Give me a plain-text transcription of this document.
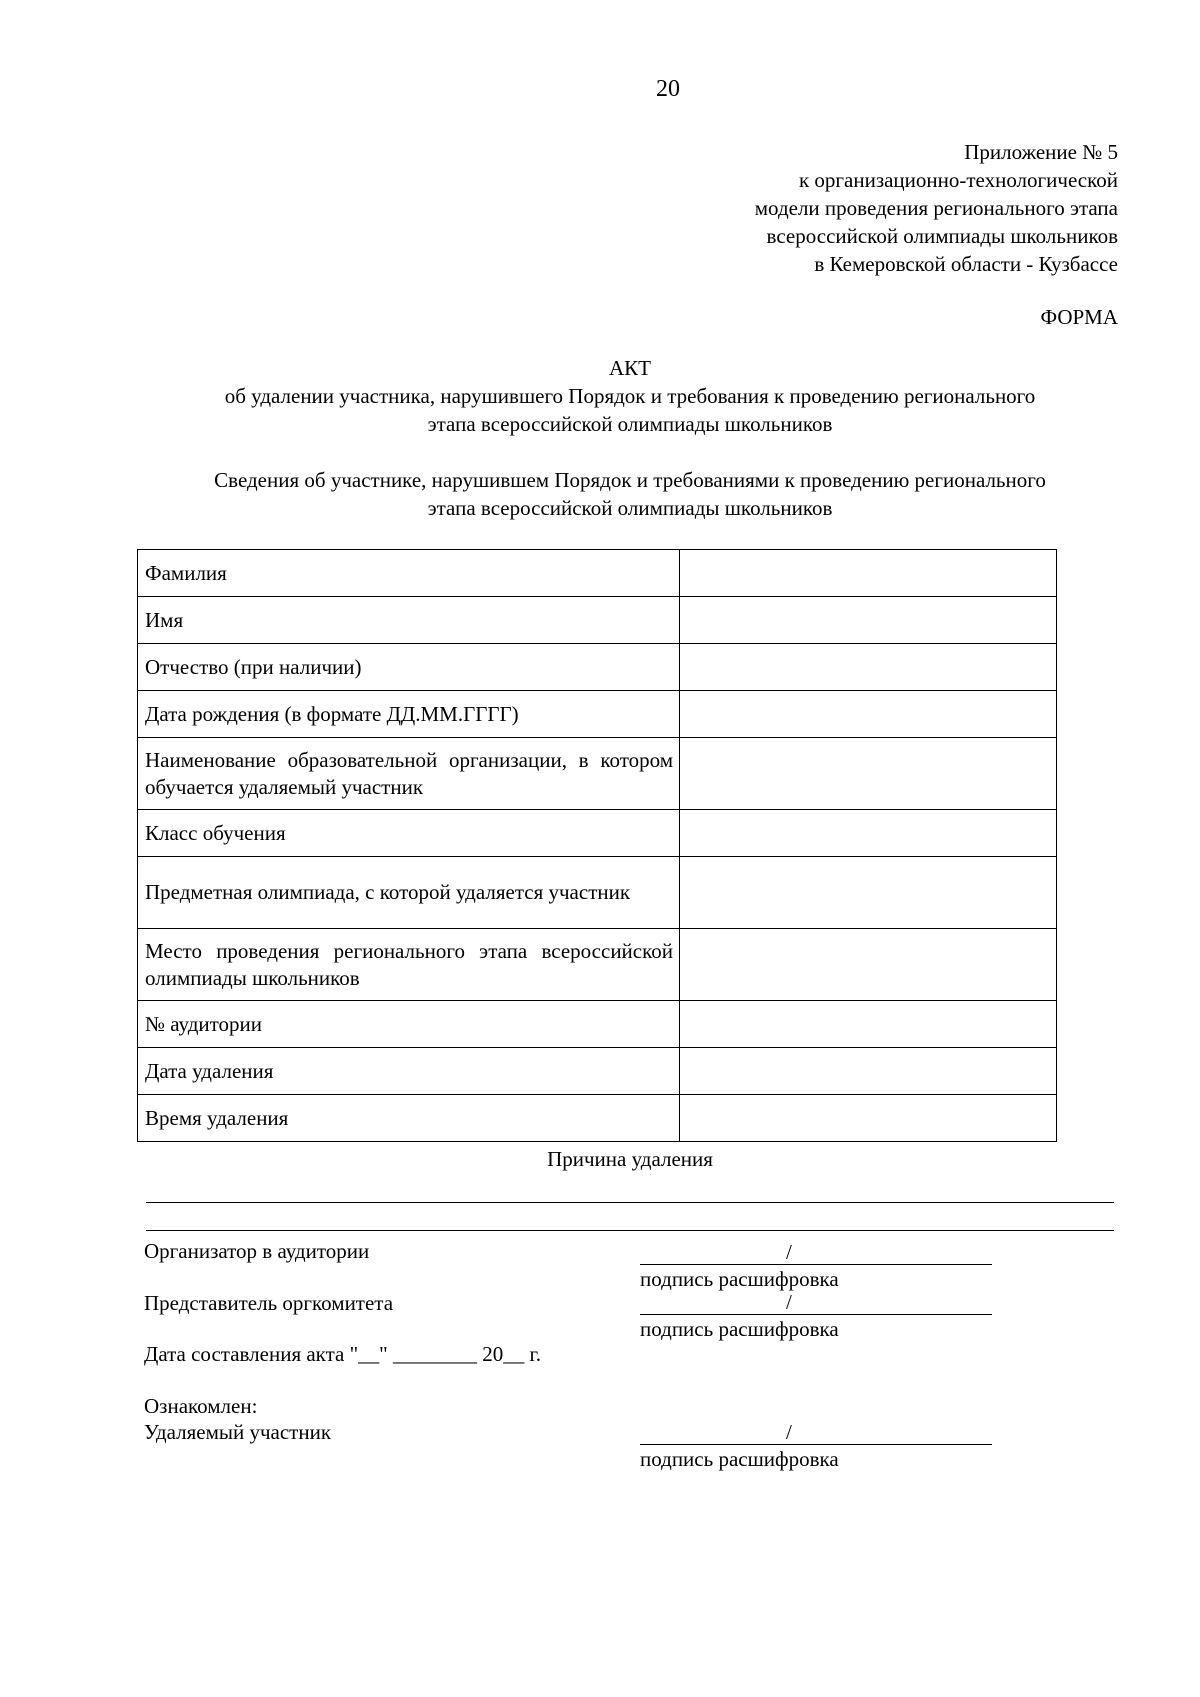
20
Приложение № 5
к организационно-технологической
модели проведения регионального этапа
всероссийской олимпиады школьников
в Кемеровской области - Кузбассе
ФОРМА
АКТ
об удалении участника, нарушившего Порядок и требования к проведению регионального
этапа всероссийской олимпиады школьников
Сведения об участнике, нарушившем Порядок и требованиями к проведению регионального
этапа всероссийской олимпиады школьников
Фамилия	

Имя	

Отчество (при наличии)	

Дата рождения (в формате ДД.ММ.ГГГГ)	

Наименование образовательной организации, в котором обучается удаляемый участник	

Класс обучения	

Предметная олимпиада, с которой удаляется участник	

Место проведения регионального этапа всероссийской олимпиады школьников	

№ аудитории	

Дата удаления	

Время удаления	

Причина удаления
Организатор в аудитории	/
подпись расшифровка
Представитель оргкомитета	/
подпись расшифровка
Дата составления акта "__" ________ 20__ г.
Ознакомлен:
Удаляемый участник	/
подпись расшифровка
